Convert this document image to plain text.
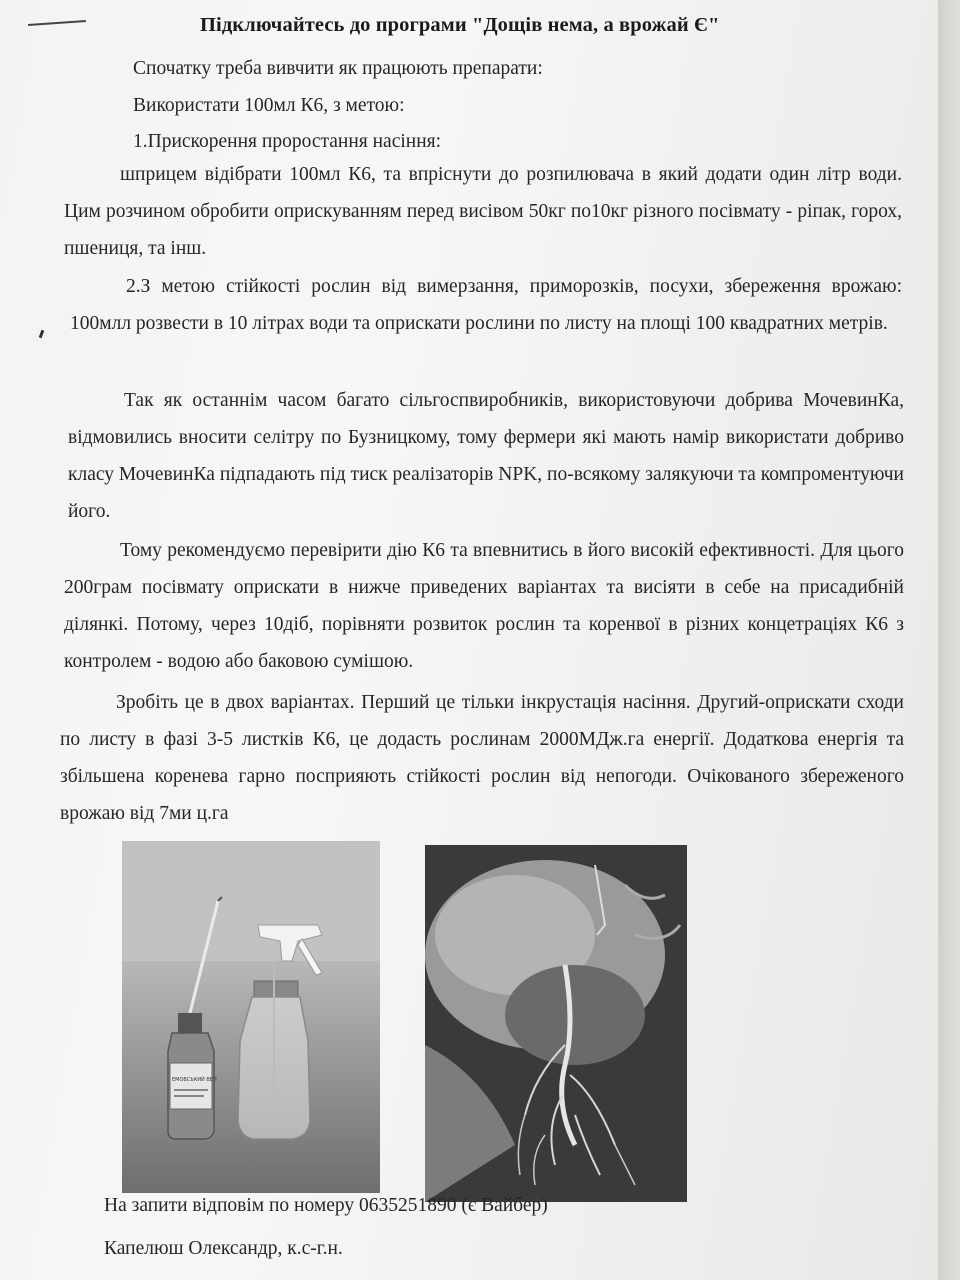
Підключайтесь до програми "Дощів нема, а врожай Є"
Спочатку треба вивчити як працюють препарати:
Використати 100мл К6, з метою:
1.Прискорення проростання насіння:
шприцем відібрати 100мл К6, та впріснути до розпилювача в який додати один літр води. Цим розчином обробити оприскуванням перед висівом 50кг по10кг різного посівмату - ріпак, горох, пшениця, та інш.
2.З метою стійкості рослин від вимерзання, приморозків, посухи, збереження врожаю: 100млл розвести в 10 літрах води та оприскати рослини по листу на площі 100 квадратних метрів.
Так як останнім часом багато сільгоспвиробників, використовуючи добрива МочевинКа, відмовились вносити селітру по Бузницкому, тому фермери які мають намір використати добриво класу МочевинКа підпадають під тиск реалізаторів NPK, по-всякому залякуючи та компроментуючи його.
Тому рекомендуємо перевірити дію К6 та впевнитись в його високій ефективності. Для цього 200грам посівмату оприскати в нижче приведених варіантах та висіяти в себе на присадибній ділянкі. Потому, через 10діб, порівняти розвиток рослин та коренвої в різних концетраціях К6 з контролем - водою або баковою сумішою.
Зробіть це в двох варіантах. Перший це тільки інкрустація насіння. Другий-оприскати сходи по листу в фазі 3-5 листків К6, це додасть рослинам 2000МДж.га енергії. Додаткова енергія та збільшена коренева гарно посприяють стійкості рослин від непогоди. Очікованого збереженого врожаю від 7ми ц.га
ЕМОВСЬКИЙ ВЕЛ
На запити відповім по номеру 0635251890 (є Вайбер)
Капелюш Олександр, к.с-г.н.
